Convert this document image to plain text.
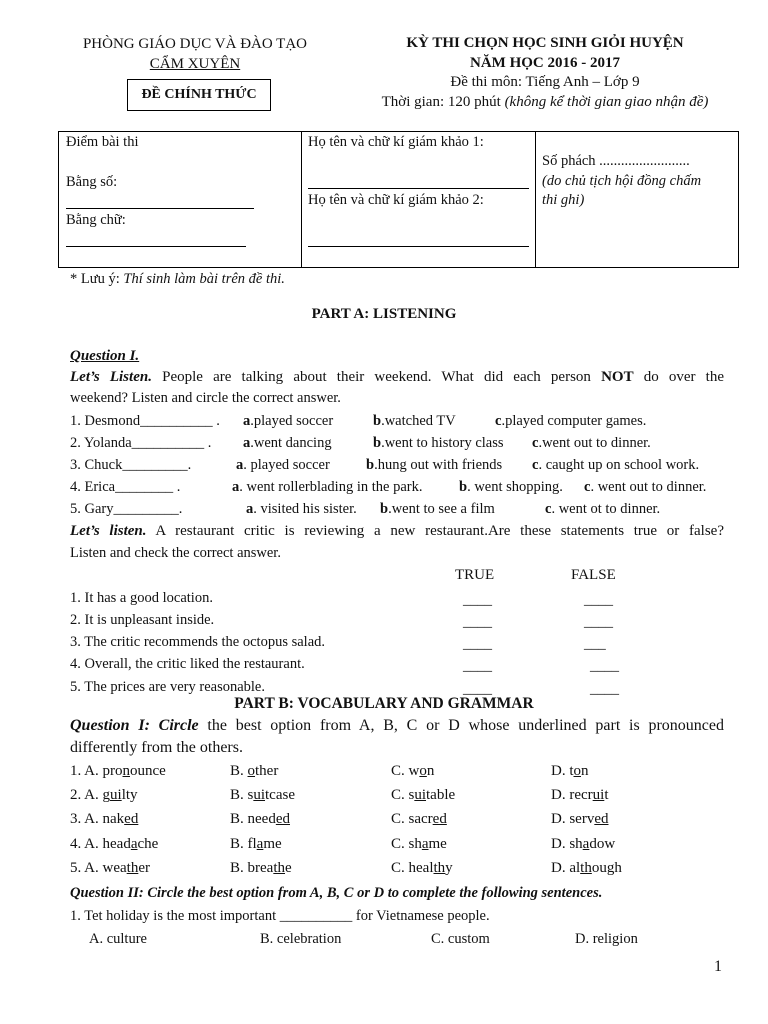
PHÒNG GIÁO DỤC VÀ ĐÀO TẠO
CẨM XUYÊN
ĐỀ CHÍNH THỨC
KỲ THI CHỌN HỌC SINH GIỎI HUYỆN
NĂM HỌC 2016 - 2017
Đề thi môn: Tiếng Anh – Lớp 9
Thời gian: 120 phút (không kể thời gian giao nhận đề)
Điểm bài thi
Bằng số:
Bằng chữ:

Họ tên và chữ kí giám khảo 1:
Họ tên và chữ kí giám khảo 2:

Số phách .........................
(do chủ tịch hội đồng chấm
thi ghi)
* Lưu ý: Thí sinh làm bài trên đề thi.
PART A: LISTENING
Question I.
Let’s Listen. People are talking about their weekend. What did each person NOT do over the
weekend? Listen and circle the correct answer.
1. Desmond__________ . a.played soccer	b.watched TV	c.played computer games.
2. Yolanda__________ . a.went dancing	b.went to history class c.went out to dinner.
3. Chuck_________.	a. played soccer b.hung out with friends c. caught up on school work.
4. Erica________ .	a. went rollerblading in the park.	b. went shopping. c. went out to dinner.
5. Gary_________.	a. visited his sister. b.went to see a film	c. went ot to dinner.
Let’s listen. A restaurant critic is reviewing a new restaurant.Are these statements true or false?
Listen and check the correct answer.
TRUE	FALSE
1. It has a good location.	____	____
2. It is unpleasant inside.	____	____
3. The critic recommends the octopus salad.	____	___
4. Overall, the critic liked the restaurant.	____	____
5. The prices are very reasonable.	____	____
PART B: VOCABULARY AND GRAMMAR
Question I: Circle the best option from A, B, C or D whose underlined part is pronounced
differently from the others.
1. A. pronounce	B. other	C. won	D. ton
2. A. guilty	B. suitcase	C. suitable	D. recruit
3. A. naked	B. needed	C. sacred	D. served
4. A. headache	B. flame	C. shame	D. shadow
5. A. weather	B. breathe	C. healthy	D. although
Question II: Circle the best option from A, B, C or D to complete the following sentences.
1. Tet holiday is the most important __________ for Vietnamese people.
A. culture	B. celebration	C. custom	D. religion
1
